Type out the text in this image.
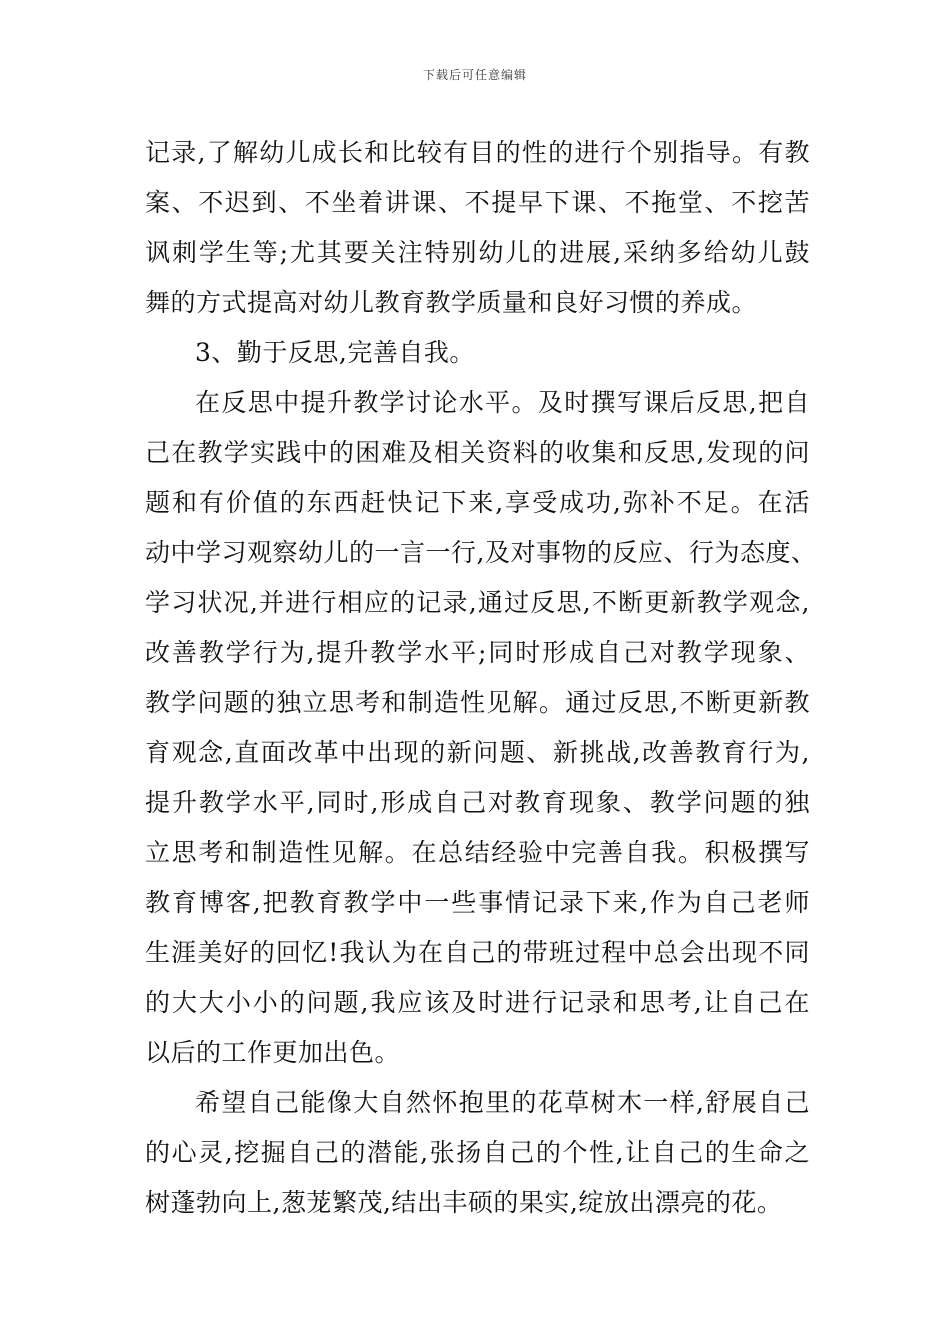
下载后可任意编辑
记录,了解幼儿成长和比较有目的性的进行个别指导。有教
案、不迟到、不坐着讲课、不提早下课、不拖堂、不挖苦
讽刺学生等;尤其要关注特别幼儿的进展,采纳多给幼儿鼓
舞的方式提高对幼儿教育教学质量和良好习惯的养成。
3、勤于反思,完善自我。
在反思中提升教学讨论水平。及时撰写课后反思,把自
己在教学实践中的困难及相关资料的收集和反思,发现的问
题和有价值的东西赶快记下来,享受成功,弥补不足。在活
动中学习观察幼儿的一言一行,及对事物的反应、行为态度、
学习状况,并进行相应的记录,通过反思,不断更新教学观念,
改善教学行为,提升教学水平;同时形成自己对教学现象、
教学问题的独立思考和制造性见解。通过反思,不断更新教
育观念,直面改革中出现的新问题、新挑战,改善教育行为,
提升教学水平,同时,形成自己对教育现象、教学问题的独
立思考和制造性见解。在总结经验中完善自我。积极撰写
教育博客,把教育教学中一些事情记录下来,作为自己老师
生涯美好的回忆!我认为在自己的带班过程中总会出现不同
的大大小小的问题,我应该及时进行记录和思考,让自己在
以后的工作更加出色。
希望自己能像大自然怀抱里的花草树木一样,舒展自己
的心灵,挖掘自己的潜能,张扬自己的个性,让自己的生命之
树蓬勃向上,葱茏繁茂,结出丰硕的果实,绽放出漂亮的花。
